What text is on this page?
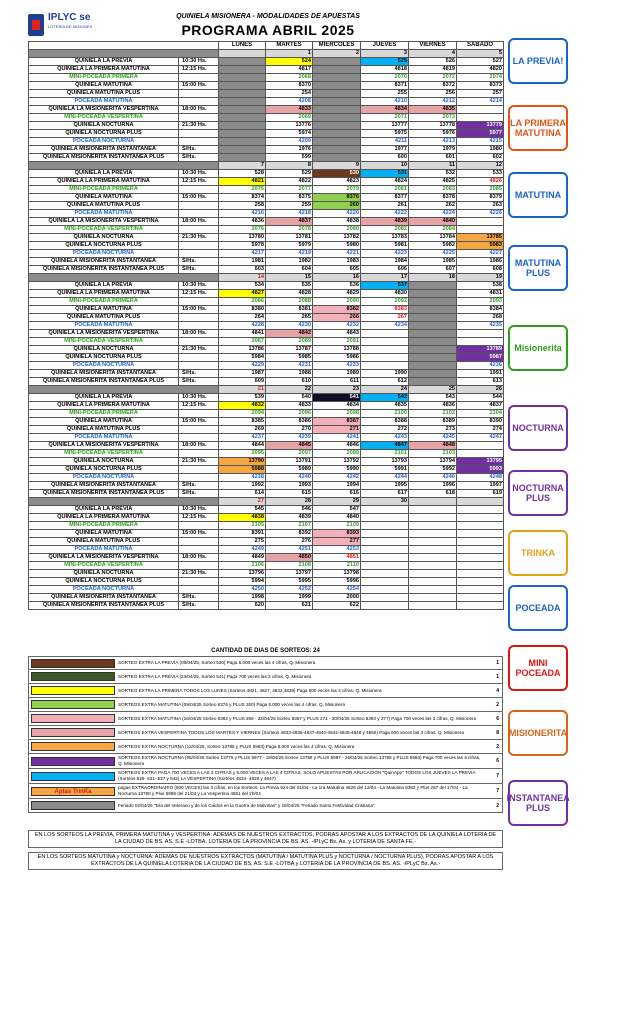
IPLYC se
LOTERÍA DE MISIONES
QUINIELA MISIONERA - MODALIDADES DE APUESTAS
PROGRAMA ABRIL 2025
		LUNES	MARTES	MIERCOLES	JUEVES	VIERNES	SABADO
			1	2	3	4	5
QUINIELA LA PREVIA	10:30 Hs.		524		525	526	527
QUINIELA LA PRIMERA MATUTINA	12:15 Hs.		4817		4818	4819	4820
MINI-POCEADA PRIMERA			2068		2070	2072	2074
QUINIELA MATUTINA	15:00 Hs.		8370		8371	8372	8373
QUINIELA MATUTINA PLUS			254		255	256	257
POCEADA MATUTINA			4208		4210	4212	4214
QUINIELA LA MISIONERITA VESPERTINA	18:00 Hs.		4833		4834	4835	
MINI-POCEADA VESPERTINA			2069		2071	2073	
QUINIELA NOCTURNA	21:30 Hs.		13776		13777	13778	13779
QUINIELA NOCTURNA PLUS			5974		5975	5976	5977
POCEADA NOCTURNA			4209		4211	4213	4215
QUINIELA MISIONERITA INSTANTANEA	S/Hs.		1976		1977	1979	1980
QUINIELA MISIONERITA INSTANTANEA PLUS	S/Hs.		599		600	601	602
		7	8	9	10	11	12
QUINIELA LA PREVIA	10:30 Hs.	528	529	530	531	532	533
QUINIELA LA PRIMERA MATUTINA	12:15 Hs.	4821	4822	4823	4824	4825	4826
MINI-POCEADA PRIMERA		2075	2077	2079	2081	2083	2085
QUINIELA MATUTINA	15:00 Hs.	8374	8375	8376	8377	8378	8379
QUINIELA MATUTINA PLUS		258	259	260	261	262	263
POCEADA MATUTINA		4216	4218	4220	4222	4224	4226
QUINIELA LA MISIONERITA VESPERTINA	18:00 Hs.	4836	4837	4838	4839	4840	
MINI-POCEADA VESPERTINA		2076	2078	2080	2082	2084	
QUINIELA NOCTURNA	21:30 Hs.	13780	13781	13782	13783	13784	13785
QUINIELA NOCTURNA PLUS		5978	5979	5980	5981	5982	5983
POCEADA NOCTURNA		4217	4219	4221	4223	4225	4227
QUINIELA MISIONERITA INSTANTANEA	S/Hs.	1981	1982	1983	1984	1985	1986
QUINIELA MISIONERITA INSTANTANEA PLUS	S/Hs.	603	604	605	606	607	608
		14	15	16	17	18	19
QUINIELA LA PREVIA	10:30 Hs.	534	535	536	537		538
QUINIELA LA PRIMERA MATUTINA	12:15 Hs.	4827	4828	4829	4830		4831
MINI-POCEADA PRIMERA		2086	2088	2090	2092		2093
QUINIELA MATUTINA	15:00 Hs.	8380	8381	8382	8383		8384
QUINIELA MATUTINA PLUS		264	265	266	267		268
POCEADA MATUTINA		4228	4230	4232	4234		4235
QUINIELA LA MISIONERITA VESPERTINA	18:00 Hs.	4841	4842	4843			
MINI-POCEADA VESPERTINA		2087	2089	2091			
QUINIELA NOCTURNA	21:30 Hs.	13786	13787	13788			13789
QUINIELA NOCTURNA PLUS		5984	5985	5986			5987
POCEADA NOCTURNA		4229	4231	4233			4236
QUINIELA MISIONERITA INSTANTANEA	S/Hs.	1987	1988	1989	1990		1991
QUINIELA MISIONERITA INSTANTANEA PLUS	S/Hs.	609	610	611	612		613
		21	22	23	24	25	26
QUINIELA LA PREVIA	10:30 Hs.	539	540	541	542	543	544
QUINIELA LA PRIMERA MATUTINA	12:15 Hs.	4832	4833	4834	4835	4836	4837
MINI-POCEADA PRIMERA		2094	2096	2098	2100	2102	2104
QUINIELA MATUTINA	15:00 Hs.	8385	8386	8387	8388	8389	8390
QUINIELA MATUTINA PLUS		269	270	271	272	273	274
POCEADA MATUTINA		4237	4239	4241	4243	4245	4247
QUINIELA LA MISIONERITA VESPERTINA	18:00 Hs.	4844	4845	4846	4847	4848	
MINI-POCEADA VESPERTINA		2095	2097	2099	2101	2103	
QUINIELA NOCTURNA	21:30 Hs.	13790	13791	13792	13793	13794	13795
QUINIELA NOCTURNA PLUS		5988	5989	5990	5991	5992	5993
POCEADA NOCTURNA		4238	4240	4242	4244	4246	4248
QUINIELA MISIONERITA INSTANTANEA	S/Hs.	1992	1993	1994	1995	1996	1997
QUINIELA MISIONERITA INSTANTANEA PLUS	S/Hs.	614	615	616	617	618	619
		27	28	29	30		
QUINIELA LA PREVIA	10:30 Hs.	545	546	547			
QUINIELA LA PRIMERA MATUTINA	12:15 Hs.	4838	4839	4840			
MINI-POCEADA PRIMERA		2105	2107	2109			
QUINIELA MATUTINA	15:00 Hs.	8391	8392	8393			
QUINIELA MATUTINA PLUS		275	276	277			
POCEADA MATUTINA		4249	4251	4253			
QUINIELA LA MISIONERITA VESPERTINA	18:00 Hs.	4849	4850	4851			
MINI-POCEADA VESPERTINA		2106	2108	2110			
QUINIELA NOCTURNA	21:30 Hs.	13796	13797	13798			
QUINIELA NOCTURNA PLUS		5994	5995	5996			
POCEADA NOCTURNA		4250	4252	4254			
QUINIELA MISIONERITA INSTANTANEA	S/Hs.	1998	1999	2000			
QUINIELA MISIONERITA INSTANTANEA PLUS	S/Hs.	620	621	622			
CANTIDAD DE DIAS DE SORTEOS: 24
SORTEO EXTRA LA PREVIA (09/04/25, Sorteo 530) Paga 5.000 veces las 4 cifras, Q. Misionera	1
SORTEO EXTRA LA PREVIA (23/04/25, Sorteo 541) Paga 700 veces las 3 cifras, Q. Misionera	1
SORTEO EXTRA LA PRIMERA TODOS LOS LUNES (Sorteos 4821, 4827, 4832,4838) Paga 600 veces las 3 cifras, Q. Misionera	4
SORTEOS EXTRA MATUTINA (09/04/25 Sorteo 8376 y PLUS 260) Paga 5.000 veces las 4 cifras, Q. Misionera	2
SORTEOS EXTRA MATUTINA (16/04/25 Sorteo 8382 y PLUS 266 - 22/04/25 Sorteo 8387 y PLUS 271 - 30/04/25 Sorteo 8393 y 277) Paga 700 veces las 3 cifras, Q. Misionera	6
SORTEOS EXTRA VESPERTINA TODOS LOS MARTES Y VIERNES (Sorteos 4833-4836-4837-4840-4842-4845-4848 y 4850) Paga 600 veces las 3 cifras, Q. Misionera	8
SORTEOS EXTRA NOCTURNA (12/04/25, Sorteo 13785 y PLUS 5983) Paga 5.000 veces las 4 cifras, Q. Misionera	2
SORTEOS EXTRA NOCTURNA (05/04/25 Sorteo 13779 y PLUS 5977 - 19/04/25 Sorteo 13789 y PLUS 5987 - 26/04/25 Sorteo 13795 y PLUS 5993) Paga 700 veces las 3 cifras, Q. Misionera	6
SORTEOS EXTRA PAGA 700 VECES A LAS 3 CIFRAS y 5.000 VECES A LAS 4 CIFRAS. SOLO APUESTAS POR APLICACIÓN "QuinApp" TODOS LOS JUEVES LA PREVIA (Sorteos 525- 531- 537 y 542) LA VESPERTINA (Sorteos 4834- 4839 y 4847)	7
Aptas TrinKa
pagas EXTRAORDINARIO (500 VECES) las 3 cifras, en los Sorteos: La Previa 524 del 01/04 - La 1ra Matutina 4826 del 12/04 - La Matutina 8383 y Plus 267 del 17/04 - La Nocturna 13790 y Plus 5988 del 21/04 y La Vespertina 4851 del 20/04	7
Feriado 02/04/25 "Día del Veterano y de los Caidos en la Guerra de Malvinas" y 18/04/25 "Feriado Santo Festividad Cristiana"	2
EN LOS SORTEOS LA PREVIA, PRIMERA MATUTINA y VESPERTINA: ADEMAS DE NUESTROS EXTRACTOS, PODRAS APOSTAR A LOS EXTRACTOS DE LA QUINIELA LOTERIA DE LA CIUDAD DE BS. AS. S.E -LOTBA, LOTERIA DE LA PROVINCIA DE BS. AS. -IPLyC Bs. As. y LOTERIA DE SANTA FE.-
EN LOS SORTEOS MATUTINA y NOCTURNA: ADEMAS DE NUESTROS EXTRACTOS (MATUTINA / MATUTINA PLUS y NOCTURNA / NOCTURNA PLUS), PODRAS APOSTAR A LOS EXTRACTOS DE LA QUINIELA LOTERIA DE LA CIUDAD DE BS. AS. S.E -LOTBA y LOTERIA DE LA PROVINCIA DE BS. AS. -IPLyC Bs. As.-
LA PREVIA!
LA PRIMERA MATUTINA
MATUTINA
MATUTINA PLUS
Misionerita
NOCTURNA
NOCTURNA PLUS
TRINKA
POCEADA
MINI POCEADA
MISIONERITA
INSTANTANEA PLUS
